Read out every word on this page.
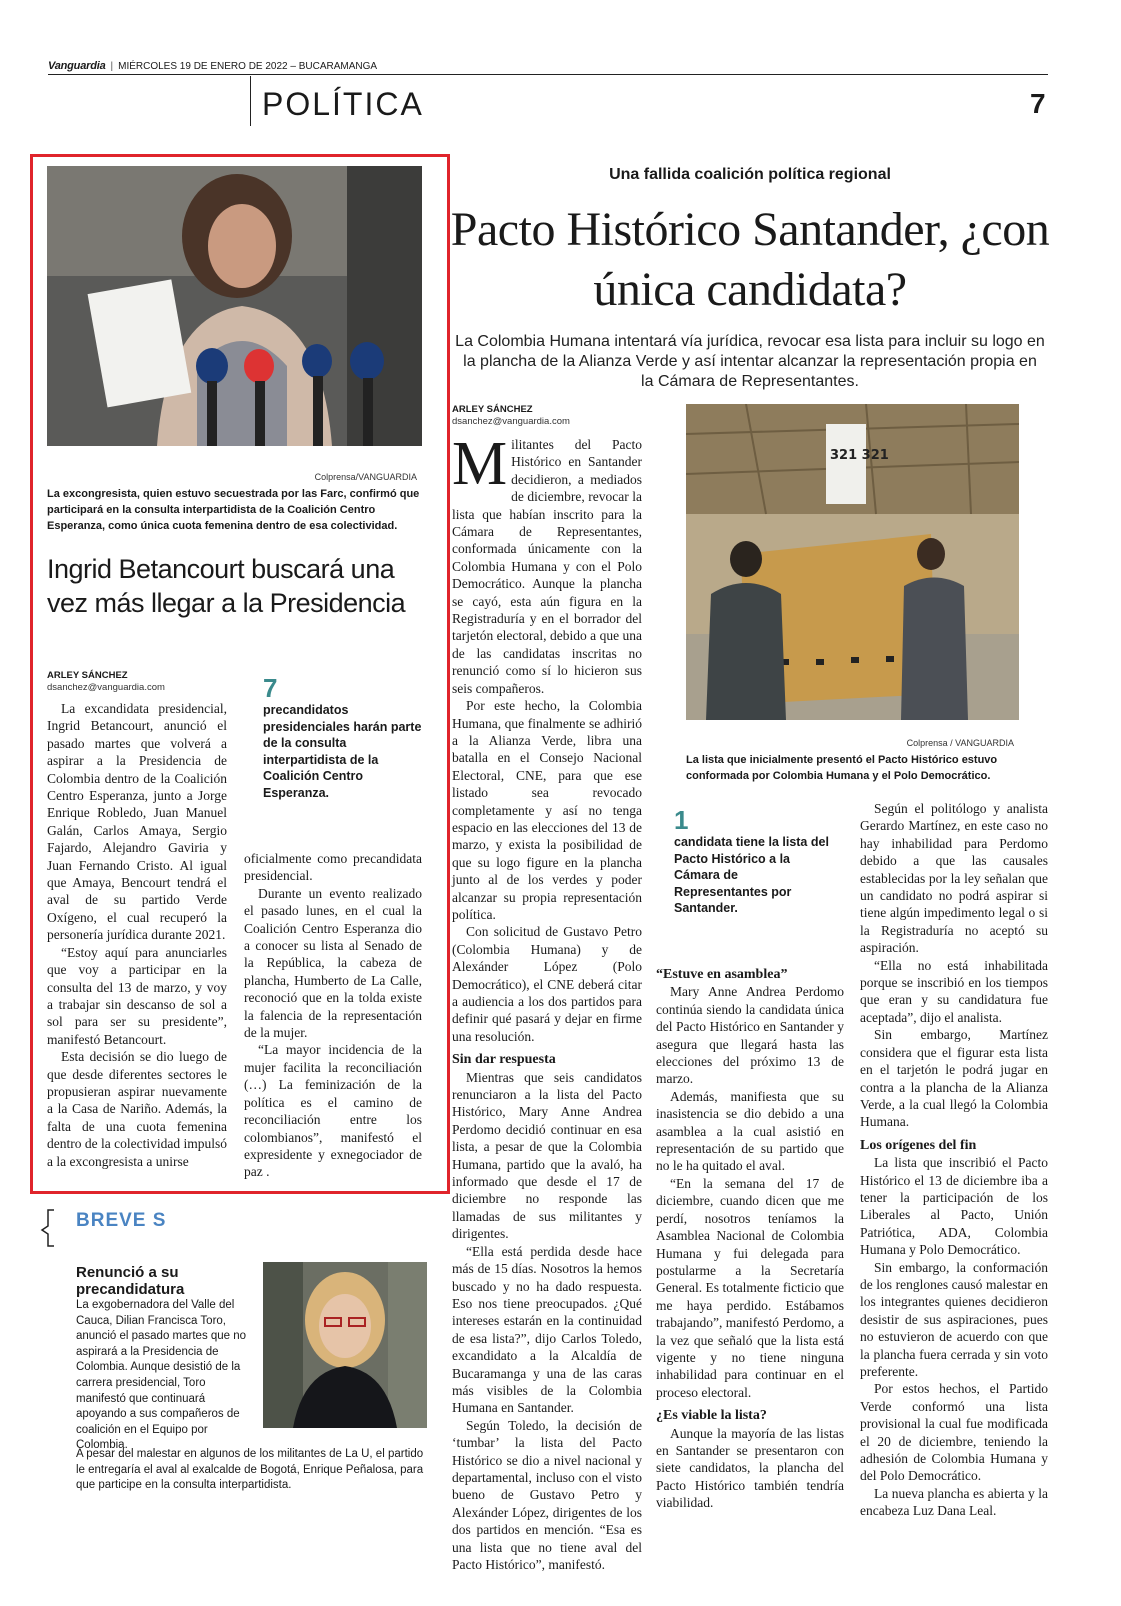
Vanguardia | MIÉRCOLES 19 DE ENERO DE 2022 – BUCARAMANGA
POLÍTICA	7
Colprensa/VANGUARDIA
La excongresista, quien estuvo secuestrada por las Farc, confirmó que participará en la consulta interpartidista de la Coalición Centro Esperanza, como única cuota femenina dentro de esa colectividad.
Ingrid Betancourt buscará una vez más llegar a la Presidencia
ARLEY SÁNCHEZ
dsanchez@vanguardia.com

La excandidata presidencial, Ingrid Betancourt, anunció el pasado martes que volverá a aspirar a la Presidencia de Colombia dentro de la Coalición Centro Esperanza, junto a Jorge Enrique Robledo, Juan Manuel Galán, Carlos Amaya, Sergio Fajardo, Alejandro Gaviria y Juan Fernando Cristo. Al igual que Amaya, Bencourt tendrá el aval de su partido Verde Oxígeno, el cual recuperó la personería jurídica durante 2021.

“Estoy aquí para anunciarles que voy a participar en la consulta del 13 de marzo, y voy a trabajar sin descanso de sol a sol para ser su presidente”, manifestó Betancourt.

Esta decisión se dio luego de que desde diferentes sectores le propusieran aspirar nuevamente a la Casa de Nariño. Además, la falta de una cuota femenina dentro de la colectividad impulsó a la excongresista a unirse

7
precandidatos presidenciales harán parte de la consulta interpartidista de la Coalición Centro Esperanza.

oficialmente como precandidata presidencial.

Durante un evento realizado el pasado lunes, en el cual la Coalición Centro Esperanza dio a conocer su lista al Senado de la República, la cabeza de plancha, Humberto de La Calle, reconoció que en la tolda existe la falencia de la representación de la mujer.

“La mayor incidencia de la mujer facilita la reconciliación (…) La feminización de la política es el camino de reconciliación entre los colombianos”, manifestó el expresidente y exnegociador de paz .

BREVE S
Renunció a su precandidatura
La exgobernadora del Valle del Cauca, Dilian Francisca Toro, anunció el pasado martes que no aspirará a la Presidencia de Colombia. Aunque desistió de la carrera presidencial, Toro manifestó que continuará apoyando a sus compañeros de coalición en el Equipo por Colombia.
A pesar del malestar en algunos de los militantes de La U, el partido le entregaría el aval al exalcalde de Bogotá, Enrique Peñalosa, para que participe en la consulta interpartidista.
Una fallida coalición política regional
Pacto Histórico Santander, ¿con única candidata?
La Colombia Humana intentará vía jurídica, revocar esa lista para incluir su logo en la plancha de la Alianza Verde y así intentar alcanzar la representación propia en la Cámara de Representantes.
ARLEY SÁNCHEZ
dsanchez@vanguardia.com

Militantes del Pacto Histórico en Santander decidieron, a mediados de diciembre, revocar la lista que habían inscrito para la Cámara de Representantes, conformada únicamente con la Colombia Humana y con el Polo Democrático. Aunque la plancha se cayó, esta aún figura en la Registraduría y en el borrador del tarjetón electoral, debido a que una de las candidatas inscritas no renunció como sí lo hicieron sus seis compañeros.

Por este hecho, la Colombia Humana, que finalmente se adhirió a la Alianza Verde, libra una batalla en el Consejo Nacional Electoral, CNE, para que ese listado sea revocado completamente y así no tenga espacio en las elecciones del 13 de marzo, y exista la posibilidad de que su logo figure en la plancha junto al de los verdes y poder alcanzar su propia representación política.

Con solicitud de Gustavo Petro (Colombia Humana) y de Alexánder López (Polo Democrático), el CNE deberá citar a audiencia a los dos partidos para definir qué pasará y dejar en firme una resolución.

Sin dar respuesta

Mientras que seis candidatos renunciaron a la lista del Pacto Histórico, Mary Anne Andrea Perdomo decidió continuar en esa lista, a pesar de que la Colombia Humana, partido que la avaló, ha informado que desde el 17 de diciembre no responde las llamadas de sus militantes y dirigentes.

“Ella está perdida desde hace más de 15 días. Nosotros la hemos buscado y no ha dado respuesta. Eso nos tiene preocupados. ¿Qué intereses estarán en la continuidad de esa lista?”, dijo Carlos Toledo, excandidato a la Alcaldía de Bucaramanga y una de las caras más visibles de la Colombia Humana en Santander.

Según Toledo, la decisión de ‘tumbar’ la lista del Pacto Histórico se dio a nivel nacional y departamental, incluso con el visto bueno de Gustavo Petro y Alexánder López, dirigentes de los dos partidos en mención. “Esa es una lista que no tiene aval del Pacto Histórico”, manifestó.

321 321
Colprensa / VANGUARDIA
La lista que inicialmente presentó el Pacto Histórico estuvo conformada por Colombia Humana y el Polo Democrático.
1
candidata tiene la lista del Pacto Histórico a la Cámara de Representantes por Santander.

“Estuve en asamblea”

Mary Anne Andrea Perdomo continúa siendo la candidata única del Pacto Histórico en Santander y asegura que llegará hasta las elecciones del próximo 13 de marzo.

Además, manifiesta que su inasistencia se dio debido a una asamblea a la cual asistió en representación de su partido que no le ha quitado el aval.

“En la semana del 17 de diciembre, cuando dicen que me perdí, nosotros teníamos la Asamblea Nacional de Colombia Humana y fui delegada para postularme a la Secretaría General. Es totalmente ficticio que me haya perdido. Estábamos trabajando”, manifestó Perdomo, a la vez que señaló que la lista está vigente y no tiene ninguna inhabilidad para continuar en el proceso electoral.

¿Es viable la lista?

Aunque la mayoría de las listas en Santander se presentaron con siete candidatos, la plancha del Pacto Histórico también tendría viabilidad.

Según el politólogo y analista Gerardo Martínez, en este caso no hay inhabilidad para Perdomo debido a que las causales establecidas por la ley señalan que un candidato no podrá aspirar si tiene algún impedimento legal o si la Registraduría no aceptó su aspiración.

“Ella no está inhabilitada porque se inscribió en los tiempos que eran y su candidatura fue aceptada”, dijo el analista.

Sin embargo, Martínez considera que el figurar esta lista en el tarjetón le podrá jugar en contra a la plancha de la Alianza Verde, a la cual llegó la Colombia Humana.

Los orígenes del fin

La lista que inscribió el Pacto Histórico el 13 de diciembre iba a tener la participación de los Liberales al Pacto, Unión Patriótica, ADA, Colombia Humana y Polo Democrático.

Sin embargo, la conformación de los renglones causó malestar en los integrantes quienes decidieron desistir de sus aspiraciones, pues no estuvieron de acuerdo con que la plancha fuera cerrada y sin voto preferente.

Por estos hechos, el Partido Verde conformó una lista provisional la cual fue modificada el 20 de diciembre, teniendo la adhesión de Colombia Humana y del Polo Democrático.

La nueva plancha es abierta y la encabeza Luz Dana Leal.
